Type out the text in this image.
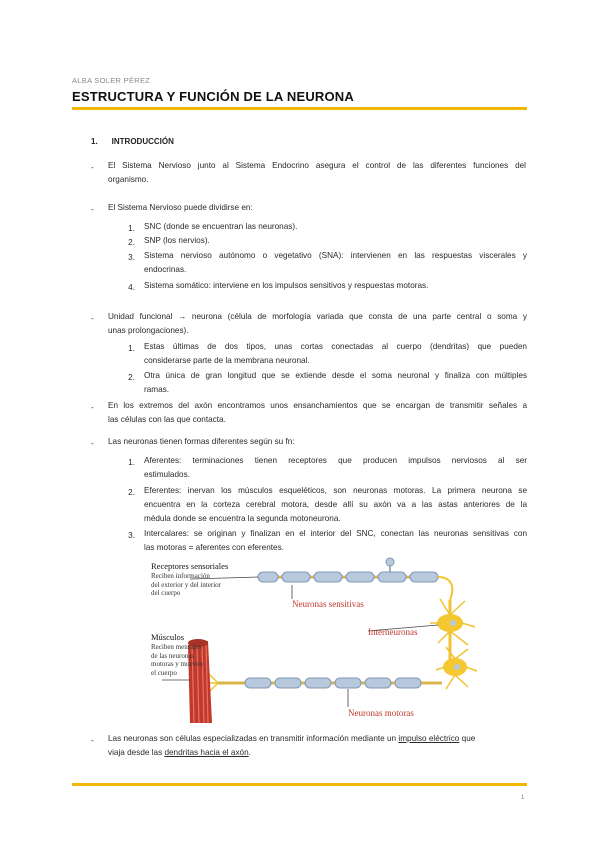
ALBA SOLER PÉREZ
ESTRUCTURA Y FUNCIÓN DE LA NEURONA
1. INTRODUCCIÓN
- El Sistema Nervioso junto al Sistema Endocrino asegura el control de las diferentes funciones del
organismo.
- El Sistema Nervioso puede dividirse en:
1. SNC (donde se encuentran las neuronas).
2. SNP (los nervios).
3. Sistema nervioso autónomo o vegetativo (SNA): intervienen en las respuestas viscerales y
endocrinas.
4. Sistema somático: interviene en los impulsos sensitivos y respuestas motoras.
- Unidad funcional → neurona (célula de morfología variada que consta de una parte central o soma y
unas prolongaciones).
1. Estas últimas de dos tipos, unas cortas conectadas al cuerpo (dendritas) que pueden
considerarse parte de la membrana neuronal.
2. Otra única de gran longitud que se extiende desde el soma neuronal y finaliza con múltiples
ramas.
- En los extremos del axón encontramos unos ensanchamientos que se encargan de transmitir señales a
las células con las que contacta.
- Las neuronas tienen formas diferentes según su fn:
1. Aferentes: terminaciones tienen receptores que producen impulsos nerviosos al ser
estimulados.
2. Eferentes: inervan los músculos esqueléticos, son neuronas motoras. La primera neurona se
encuentra en la corteza cerebral motora, desde allí su axón va a las astas anteriores de la
médula donde se encuentra la segunda motoneurona.
3. Intercalares: se originan y finalizan en el interior del SNC, conectan las neuronas sensitivas con
las motoras = aferentes con eferentes.
Receptores sensoriales
Reciben información
del exterior y del interior
del cuerpo
Músculos
Reciben mensajes
de las neuronas
motoras y mueven
el cuerpo
Neuronas sensitivas
Interneuronas
Neuronas motoras
- Las neuronas son células especializadas en transmitir información mediante un impulso eléctrico que
viaja desde las dendritas hacia el axón.
1
